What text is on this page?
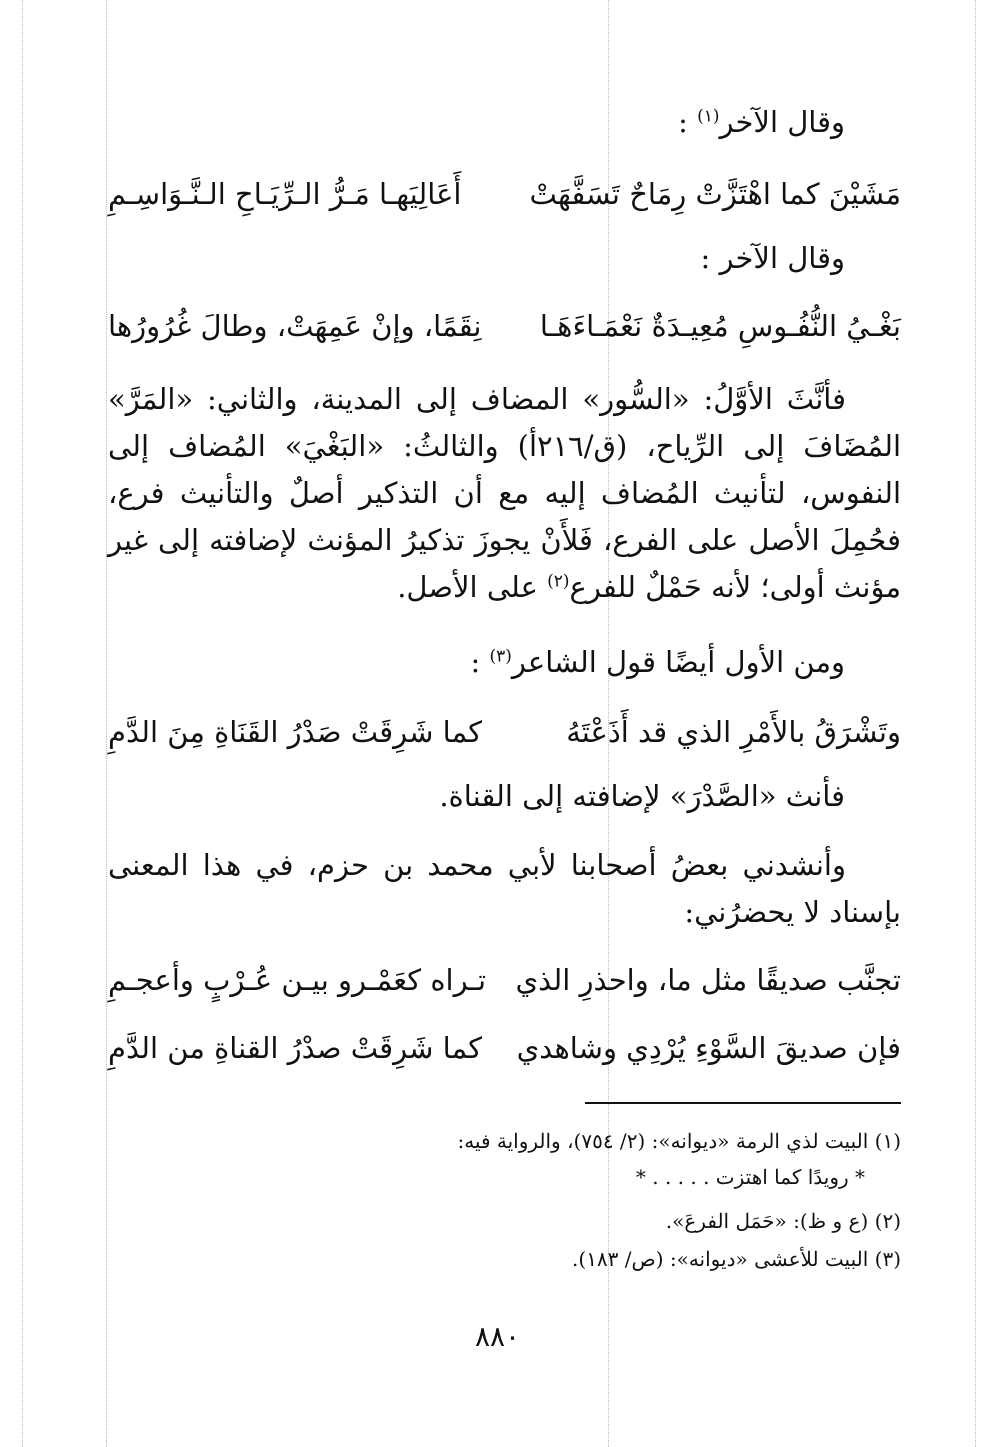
وقال الآخر$^{(١)}$ :
مَشَيْنَ كما اهْتَزَّتْ رِمَاحٌ تَسَفَّهَتْ
أَعَالِيَهـا مَـرُّ الـرِّيَـاحِ الـنَّـوَاسِـمِ
وقال الآخر :
بَغْـيُ النُّفُـوسِ مُعِيـدَةٌ نَعْمَـاءَهَـا
نِقَمًا، وإنْ عَمِهَتْ، وطالَ غُرُورُها
فأنَّثَ الأوَّلُ: «السُّور» المضاف إلى المدينة، والثاني: «المَرَّ» المُضَافَ إلى الرِّياح، (ق/٢١٦أ) والثالثُ: «البَغْيَ» المُضاف إلى النفوس، لتأنيث المُضاف إليه مع أن التذكير أصلٌ والتأنيث فرع، فحُمِلَ الأصل على الفرع، فَلأَنْ يجوزَ تذكيرُ المؤنث لإضافته إلى غير مؤنث أولى؛ لأنه حَمْلٌ للفرع$^{(٢)}$ على الأصل.
ومن الأول أيضًا قول الشاعر$^{(٣)}$ :
وتَشْرَقُ بالأَمْرِ الذي قد أَذَعْتَهُ
كما شَرِقَتْ صَدْرُ القَنَاةِ مِنَ الدَّمِ
فأنث «الصَّدْرَ» لإضافته إلى القناة.
وأنشدني بعضُ أصحابنا لأبي محمد بن حزم، في هذا المعنى بإسناد لا يحضرُني:
تجنَّب صديقًا مثل ما، واحذرِ الذي
تـراه كعَمْـرو بيـن عُـرْبٍ وأعجـمِ
فإن صديقَ السَّوْءِ يُرْدِي وشاهدي
كما شَرِقَتْ صدْرُ القناةِ من الدَّمِ
(١) البيت لذي الرمة «ديوانه»: (٢/ ٧٥٤)، والرواية فيه:
* رويدًا كما اهتزت . . . . . *
(٢) (ع و ظ): «حَمَل الفرعَ».
(٣) البيت للأعشى «ديوانه»: (ص/ ١٨٣).
٨٨٠
